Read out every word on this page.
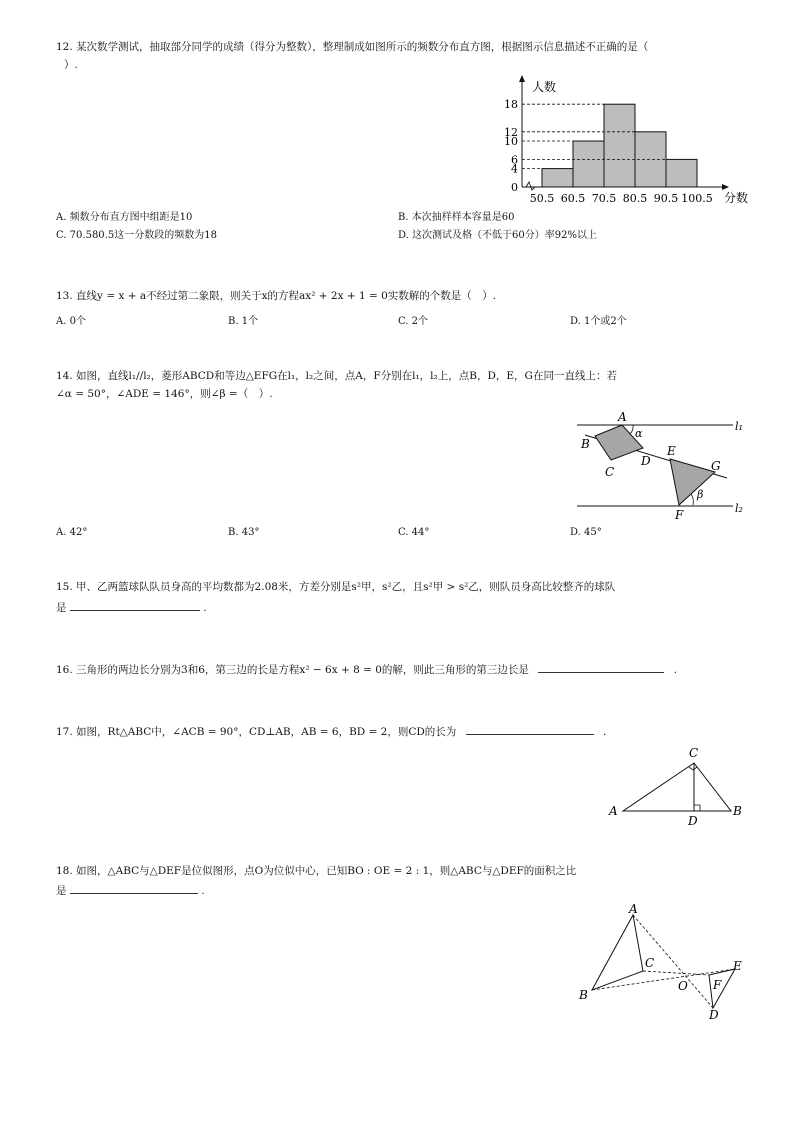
12. 某次数学测试，抽取部分同学的成绩（得分为整数），整理制成如图所示的频数分布直方图，根据图示信息描述不正确的是（
）.
0
4
6
10
12
18
50.5 60.5 70.5 80.5 90.5 100.5
人数
分数
A. 频数分布直方图中组距是10	B. 本次抽样样本容量是60
C. 70.580.5这一分数段的频数为18	D. 这次测试及格（不低于60分）率92%以上
13. 直线y = x + a不经过第二象限，则关于x的方程ax² + 2x + 1 = 0实数解的个数是（　）.
A. 0个	B. 1个	C. 2个	D. 1个或2个
14. 如图，直线l₁//l₂，菱形ABCD和等边△EFG在l₁，l₂之间，点A，F分别在l₁，l₂上，点B，D，E，G在同一直线上：若
∠α = 50°，∠ADE = 146°，则∠β =（　）.
A
B
C
D
E
F
G
α
β
l₁
l₂
A. 42°	B. 43°	C. 44°	D. 45°
15. 甲、乙两篮球队队员身高的平均数都为2.08米，方差分别是s²甲，s²乙，且s²甲 > s²乙，则队员身高比较整齐的球队
是	.
16. 三角形的两边长分别为3和6，第三边的长是方程x² − 6x + 8 = 0的解，则此三角形的第三边长是	.
17. 如图，Rt△ABC中，∠ACB = 90°，CD⊥AB，AB = 6，BD = 2，则CD的长为	.
A	B
C
D
18. 如图，△ABC与△DEF是位似图形，点O为位似中心，已知BO : OE = 2 : 1，则△ABC与△DEF的面积之比
是	.
A
B
C
O
D
E
F
